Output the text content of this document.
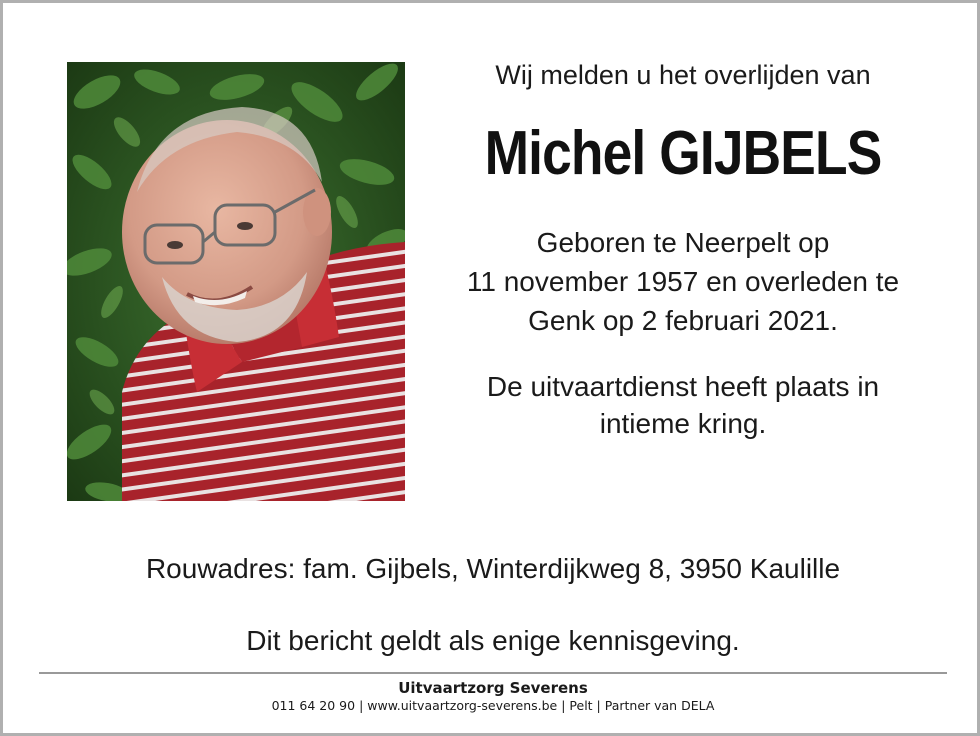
Wij melden u het overlijden van

Michel GIJBELS
Geboren te Neerpelt op
11 november 1957 en overleden te
Genk op 2 februari 2021.
De uitvaartdienst heeft plaats in
intieme kring.
Rouwadres: fam. Gijbels, Winterdijkweg 8, 3950 Kaulille
Dit bericht geldt als enige kennisgeving.
Uitvaartzorg Severens
011 64 20 90 | www.uitvaartzorg-severens.be | Pelt | Partner van DELA
